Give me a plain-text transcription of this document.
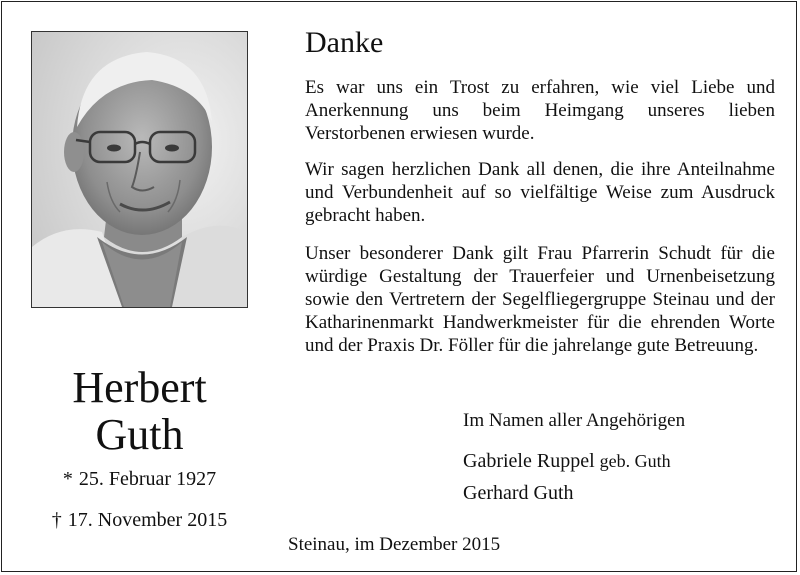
Herbert
Guth
* 25. Februar 1927
† 17. November 2015
Danke

Es war uns ein Trost zu erfahren, wie viel Liebe und Anerkennung uns beim Heimgang unseres lieben Verstorbenen erwiesen wurde.

Wir sagen herzlichen Dank all denen, die ihre Anteilnahme und Verbundenheit auf so vielfältige Weise zum Ausdruck gebracht haben.

Unser besonderer Dank gilt Frau Pfarrerin Schudt für die würdige Gestaltung der Trauerfeier und Urnenbeisetzung sowie den Vertretern der Segelfliegergruppe Steinau und der Katharinenmarkt Handwerkmeister für die ehrenden Worte und der Praxis Dr. Föller für die jahrelange gute Betreuung.

Im Namen aller Angehörigen
Gabriele Ruppel geb. Guth
Gerhard Guth
Steinau, im Dezember 2015
